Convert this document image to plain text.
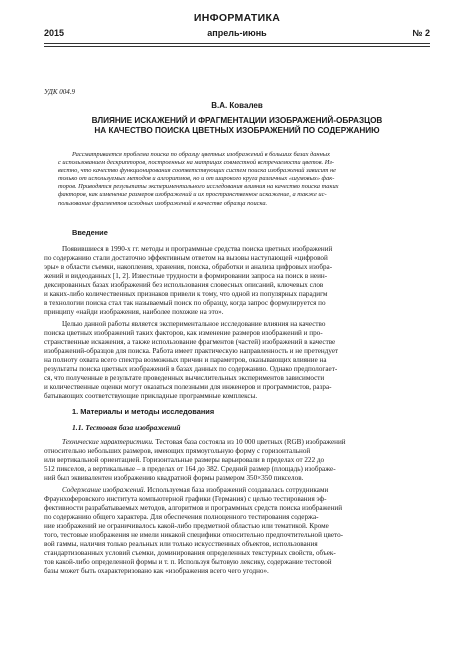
ИНФОРМАТИКА
2015	апрель-июнь	№ 2
УДК 004.9
В.А. Ковалев
ВЛИЯНИЕ ИСКАЖЕНИЙ И ФРАГМЕНТАЦИИ ИЗОБРАЖЕНИЙ-ОБРАЗЦОВ
НА КАЧЕСТВО ПОИСКА ЦВЕТНЫХ ИЗОБРАЖЕНИЙ ПО СОДЕРЖАНИЮ
Рассматривается проблема поиска по образцу цветных изображений в больших базах данных
с использованием дескрипторов, построенных на матрицах совместной встречаемости цветов. Из-
вестно, что качество функционирования соответствующих систем поиска изображений зависит не
только от используемых методов и алгоритмов, но и от широкого круга различных «шумовых» фак-
торов. Приводятся результаты экспериментального исследования влияния на качество поиска таких
факторов, как изменение размеров изображений и их пространственное искажение, а также ис-
пользование фрагментов исходных изображений в качестве образца поиска.
Введение
Появившиеся в 1990-х гг. методы и программные средства поиска цветных изображений
по содержанию стали достаточно эффективным ответом на вызовы наступающей «цифровой
эры» в области съемки, накопления, хранения, поиска, обработки и анализа цифровых изобра-
жений и видеоданных [1, 2]. Известные трудности в формировании запроса на поиск в неин-
дексированных базах изображений без использования словесных описаний, ключевых слов
и каких-либо количественных признаков привели к тому, что одной из популярных парадигм
в технологии поиска стал так называемый поиск по образцу, когда запрос формулируется по
принципу «найди изображения, наиболее похожие на это».
Целью данной работы является экспериментальное исследование влияния на качество
поиска цветных изображений таких факторов, как изменение размеров изображений и про-
странственные искажения, а также использование фрагментов (частей) изображений в качестве
изображений-образцов для поиска. Работа имеет практическую направленность и не претендует
на полноту охвата всего спектра возможных причин и параметров, оказывающих влияние на
результаты поиска цветных изображений в базах данных по содержанию. Однако предпологает-
ся, что полученные в результате проведенных вычислительных экспериментов зависимости
и количественные оценки могут оказаться полезными для инженеров и программистов, разра-
батывающих соответствующие прикладные программные комплексы.
1. Материалы и методы исследования
1.1. Тестовая база изображений
Технические характеристики. Тестовая база состояла из 10 000 цветных (RGB) изображений
относительно небольших размеров, имеющих прямоугольную форму с горизонтальной
или вертикальной ориентацией. Горизонтальные размеры варьировали в пределах от 222 до
512 пикселов, а вертикальные – в пределах от 164 до 382. Средний размер (площадь) изображе-
ний был эквивалентен изображению квадратной формы размером 350×350 пикселов.
Содержание изображений. Используемая база изображений создавалась сотрудниками
Фраунхоферовского института компьютерной графики (Германия) с целью тестирования эф-
фективности разрабатываемых методов, алгоритмов и программных средств поиска изображений
по содержанию общего характера. Для обеспечения полноценного тестирования содержа-
ние изображений не ограничивалось какой-либо предметной областью или тематикой. Кроме
того, тестовые изображения не имели никакой специфики относительно предпочтительной цвето-
вой гаммы, наличия только реальных или только искусственных объектов, использования
стандартизованных условий съемки, доминирования определенных текстурных свойств, объек-
тов какой-либо определенной формы и т. п. Используя бытовую лексику, содержание тестовой
базы может быть охарактеризовано как «изображения всего чего угодно».
